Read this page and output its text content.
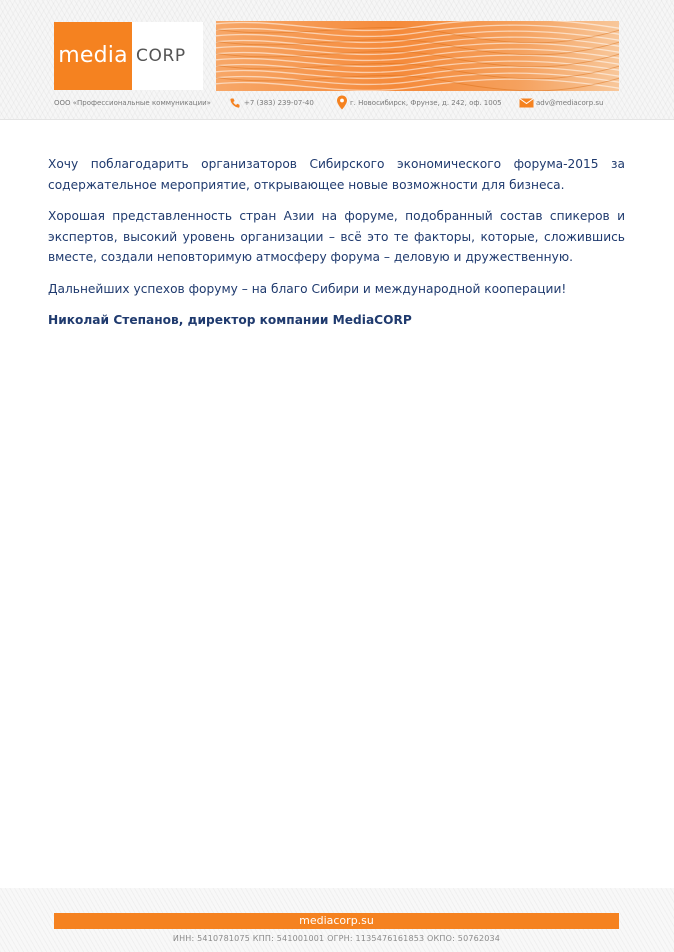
media CORP
ООО «Профессиональные коммуникации»	+7 (383) 239-07-40	г. Новосибирск, Фрунзе, д. 242, оф. 1005	adv@mediacorp.su

Хочу поблагодарить организаторов Сибирского экономического форума-2015 за содержательное мероприятие, открывающее новые возможности для бизнеса.

Хорошая представленность стран Азии на форуме, подобранный состав спикеров и экспертов, высокий уровень организации – всё это те факторы, которые, сложившись вместе, создали неповторимую атмосферу форума – деловую и дружественную.

Дальнейших успехов форуму – на благо Сибири и международной кооперации!

Николай Степанов, директор компании MediaCORP

mediacorp.su
ИНН: 5410781075 КПП: 541001001 ОГРН: 1135476161853 ОКПО: 50762034
